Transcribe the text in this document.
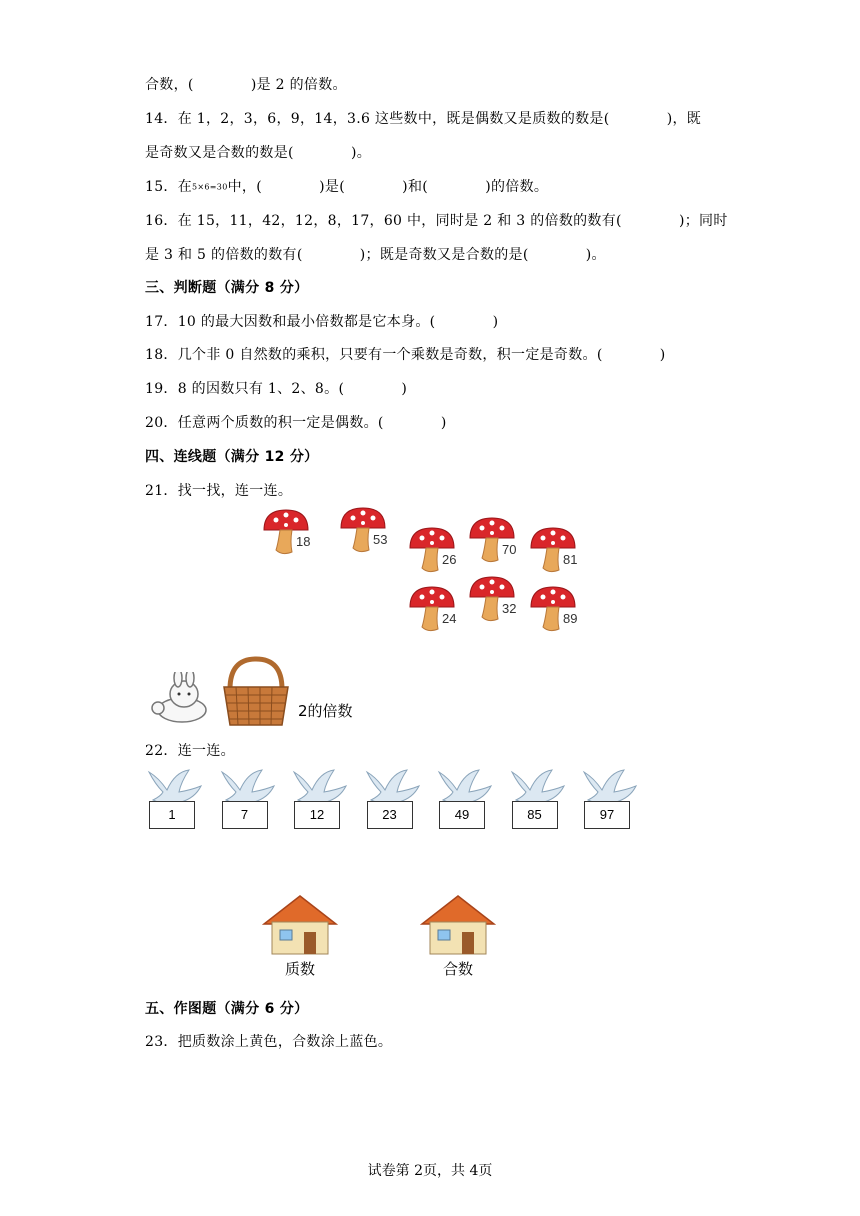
合数，(　　　　)是 2 的倍数。
14．在 1，2，3，6，9，14，3.6 这些数中，既是偶数又是质数的数是(　　　　)，既
是奇数又是合数的数是(　　　　)。
15．在5×6=30中，(　　　　)是(　　　　)和(　　　　)的倍数。
16．在 15，11，42，12，8，17，60 中，同时是 2 和 3 的倍数的数有(　　　　)；同时
是 3 和 5 的倍数的数有(　　　　)；既是奇数又是合数的是(　　　　)。
三、判断题（满分 8 分）
17．10 的最大因数和最小倍数都是它本身。(　　　　)
18．几个非 0 自然数的乘积，只要有一个乘数是奇数，积一定是奇数。(　　　　)
19．8 的因数只有 1、2、8。(　　　　)
20．任意两个质数的积一定是偶数。(　　　　)
四、连线题（满分 12 分）
21．找一找，连一连。
18	53
26
70
81
24
32
89
2的倍数
22．连一连。
1	7	12	23	49	85	97
质数	合数
五、作图题（满分 6 分）
23．把质数涂上黄色，合数涂上蓝色。
试卷第 2页，共 4页
